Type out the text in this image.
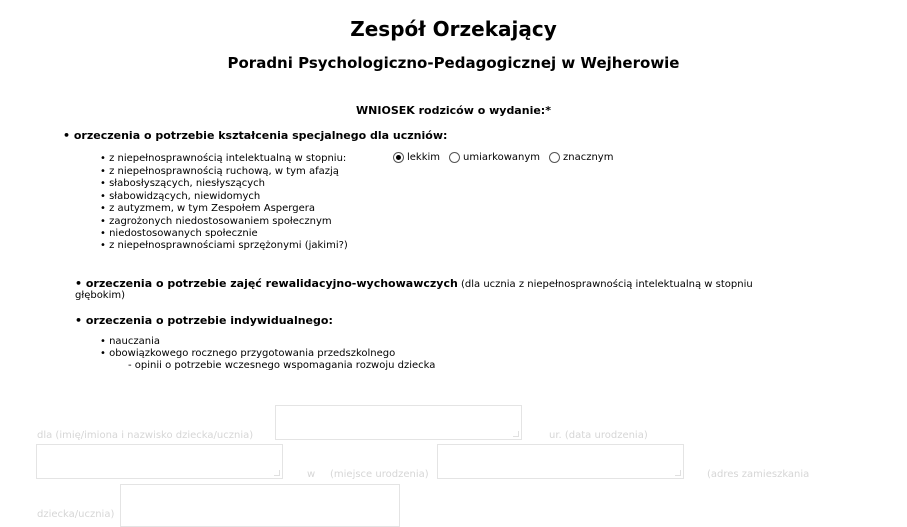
Zespół Orzekający
Poradni Psychologiczno-Pedagogicznej w Wejherowie
WNIOSEK rodziców o wydanie:*
• orzeczenia o potrzebie kształcenia specjalnego dla uczniów:
• z niepełnosprawnością intelektualną w stopniu:
• z niepełnosprawnością ruchową, w tym afazją
• słabosłyszących, niesłyszących
• słabowidzących, niewidomych
• z autyzmem, w tym Zespołem Aspergera
• zagrożonych niedostosowaniem społecznym
• niedostosowanych społecznie
• z niepełnosprawnościami sprzężonymi (jakimi?)
lekkim umiarkowanym znacznym
• orzeczenia o potrzebie zajęć rewalidacyjno-wychowawczych (dla ucznia z niepełnosprawnością intelektualną w stopniu
głębokim)
• orzeczenia o potrzebie indywidualnego:
• nauczania
• obowiązkowego rocznego przygotowania przedszkolnego
- opinii o potrzebie wczesnego wspomagania rozwoju dziecka
dla (imię/imiona i nazwisko dziecka/ucznia)	ur. (data urodzenia)
w (miejsce urodzenia)	(adres zamieszkania
dziecka/ucznia)
